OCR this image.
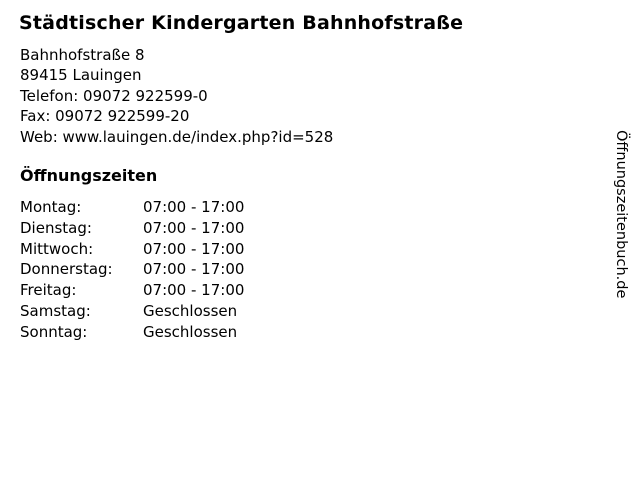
Städtischer Kindergarten Bahnhofstraße
Bahnhofstraße 8
89415 Lauingen
Telefon: 09072 922599-0
Fax: 09072 922599-20
Web: www.lauingen.de/index.php?id=528
Öffnungszeiten
Montag:	07:00 - 17:00
Dienstag:	07:00 - 17:00
Mittwoch:	07:00 - 17:00
Donnerstag:	07:00 - 17:00
Freitag:	07:00 - 17:00
Samstag:	Geschlossen
Sonntag:	Geschlossen
Öffnungszeitenbuch.de
